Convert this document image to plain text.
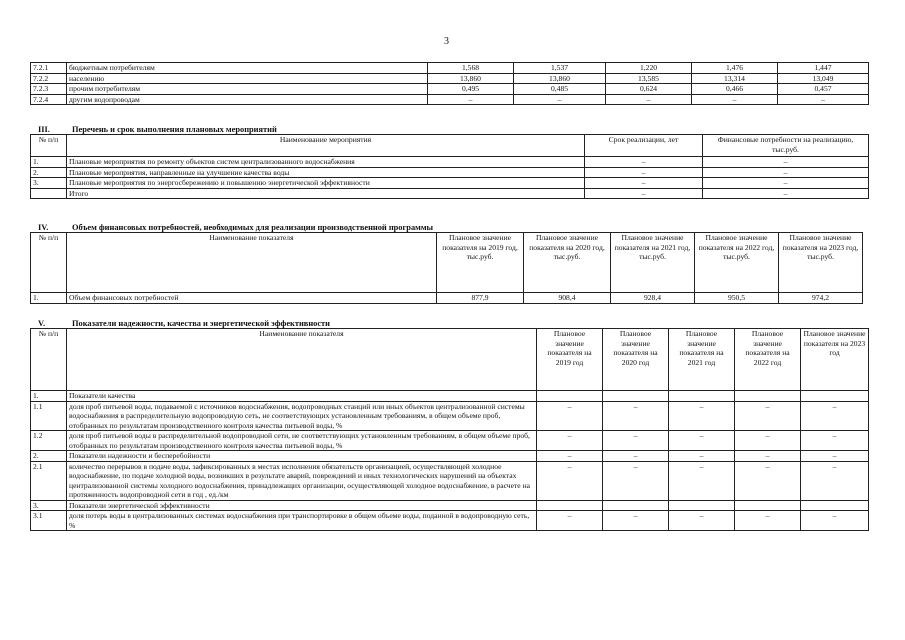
3
7.2.1	бюджетным потребителям	1,568	1,537	1,220	1,476	1,447
7.2.2	населению	13,860	13,860	13,585	13,314	13,049
7.2.3	прочим потребителям	0,495	0,485	0,624	0,466	0,457
7.2.4	другим водопроводам	–	–	–	–	–
III.	Перечень и срок выполнения плановых мероприятий
№ п/п	Наименование мероприятия	Срок реализации, лет	Финансовые потребности на реализацию, тыс.руб.
1.	Плановые мероприятия по ремонту объектов систем централизованного водоснабжения	–	–
2.	Плановые мероприятия, направленные на улучшение качества воды	–	–
3.	Плановые мероприятия по энергосбережению и повышению энергетической эффективности	–	–
	Итого	–	–
IV.	Объем финансовых потребностей, необходимых для реализации производственной программы
№ п/п	Наименование показателя	Плановое значение показателя на 2019 год, тыс.руб.	Плановое значение показателя на 2020 год, тыс.руб.	Плановое значение показателя на 2021 год, тыс.руб.	Плановое значение показателя на 2022 год, тыс.руб.	Плановое значение показателя на 2023 год, тыс.руб.
1.	Объем финансовых потребностей	877,9	908,4	928,4	950,5	974,2
V.	Показатели надежности, качества и энергетической эффективности
№ п/п	Наименование показателя	Плановое значение показателя на 2019 год	Плановое значение показателя на 2020 год	Плановое значение показателя на 2021 год	Плановое значение показателя на 2022 год	Плановое значение показателя на 2023 год
1.	Показатели качества					
1.1	доля проб питьевой воды, подаваемой с источников водоснабжения, водопроводных станций или иных объектов централизованной системы водоснабжения в распределительную водопроводную сеть, не соответствующих установленным требованиям, в общем объеме проб, отобранных по результатам производственного контроля качества питьевой воды, %	–	–	–	–	–
1.2	доля проб питьевой воды в распределительной водопроводной сети, не соответствующих установленным требованиям, в общем объеме проб, отобранных по результатам производственного контроля качества питьевой воды, %	–	–	–	–	–
2.	Показатели надежности и бесперебойности	–	–	–	–	–
2.1	количество перерывов в подаче воды, зафиксированных в местах исполнения обязательств организацией, осуществляющей холодное водоснабжение, по подаче холодной воды, возникших в результате аварий, повреждений и иных технологических нарушений на объектах централизованной системы холодного водоснабжения, принадлежащих организации, осуществляющей холодное водоснабжение, в расчете на протяженность водопроводной сети в год , ед./км	–	–	–	–	–
3.	Показатели энергетической эффективности					
3.1	доля потерь воды в централизованных системах водоснабжения при транспортировке в общем объеме воды, поданной в водопроводную сеть, %	–	–	–	–	–
